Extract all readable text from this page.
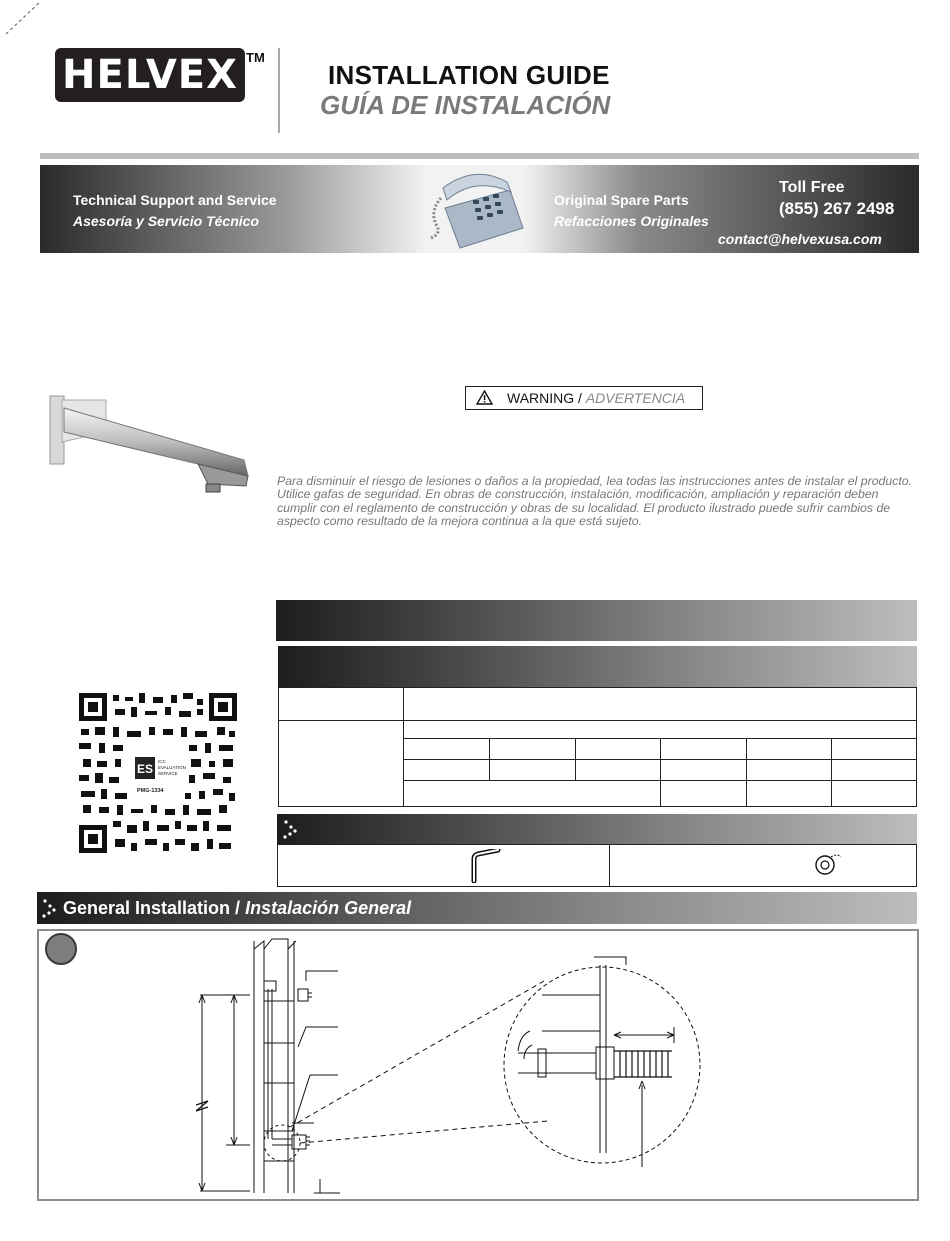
HELVEX TM
INSTALLATION GUIDE
GUÍA DE INSTALACIÓN
Technical Support and Service
Asesoría y Servicio Técnico
Original Spare Parts
Refacciones Originales
Toll Free
(855) 267 2498
contact@helvexusa.com
WARNING / ADVERTENCIA
Para disminuir el riesgo de lesiones o daños a la propiedad, lea todas las instrucciones antes de instalar el producto. Utilice gafas de seguridad. En obras de construcción, instalación, modificación, ampliación y reparación deben cumplir con el reglamento de construcción y obras de su localidad. El producto ilustrado puede sufrir cambios de aspecto como resultado de la mejora continua a la que está sujeto.
ES
ICC
EVALUATION
SERVICE
PMG-1334
General Installation / Instalación General
